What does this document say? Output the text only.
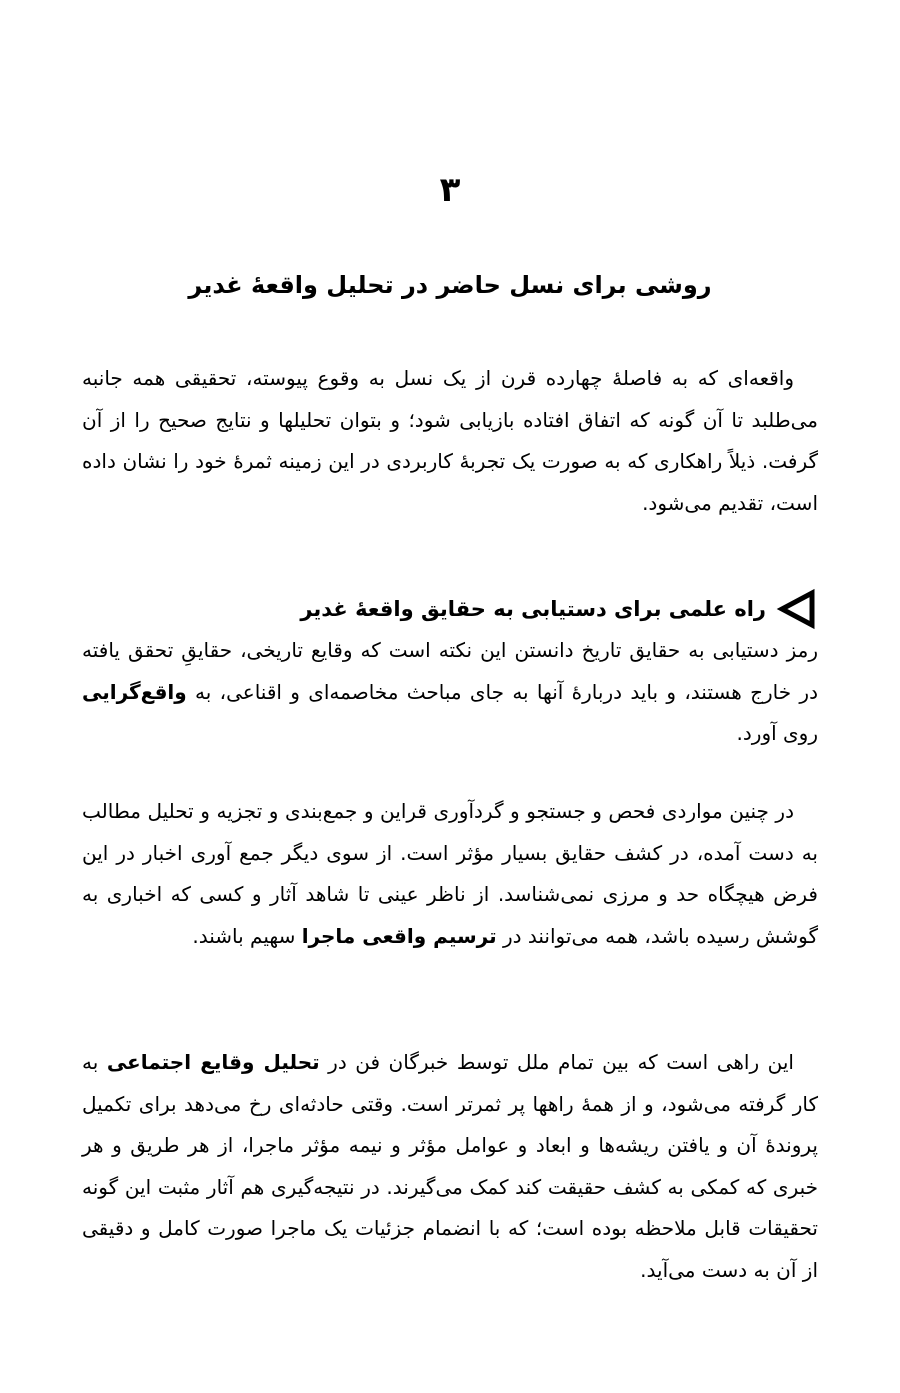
۳
روشی برای نسل حاضر در تحلیل واقعهٔ غدیر

واقعه‌ای که به فاصلهٔ چهارده قرن از یک نسل به وقوع پیوسته، تحقیقی همه جانبه می‌طلبد تا آن گونه که اتفاق افتاده بازیابی شود؛ و بتوان تحلیلها و نتایج صحیح را از آن گرفت. ذیلاً راهکاری که به صورت یک تجربهٔ کاربردی در این زمینه ثمرهٔ خود را نشان داده است، تقدیم می‌شود.

راه علمی برای دستیابی به حقایق واقعهٔ غدیر

رمز دستیابی به حقایق تاریخ دانستن این نکته است که وقایع تاریخی، حقایقِ تحقق یافته در خارج هستند، و باید دربارهٔ آنها به جای مباحث مخاصمه‌ای و اقناعی، به واقع‌گرایی روی آورد.

در چنین مواردی فحص و جستجو و گردآوری قراین و جمع‌بندی و تجزیه و تحلیل مطالب به دست آمده، در کشف حقایق بسیار مؤثر است. از سوی دیگر جمع آوری اخبار در این فرض هیچگاه حد و مرزی نمی‌شناسد. از ناظر عینی تا شاهد آثار و کسی که اخباری به گوشش رسیده باشد، همه می‌توانند در ترسیم واقعی ماجرا سهیم باشند.

این راهی است که بین تمام ملل توسط خبرگان فن در تحلیل وقایع اجتماعی به کار گرفته می‌شود، و از همهٔ راهها پر ثمرتر است. وقتی حادثه‌ای رخ می‌دهد برای تکمیل پروندهٔ آن و یافتن ریشه‌ها و ابعاد و عوامل مؤثر و نیمه مؤثر ماجرا، از هر طریق و هر خبری که کمکی به کشف حقیقت کند کمک می‌گیرند. در نتیجه‌گیری هم آثار مثبت این گونه تحقیقات قابل ملاحظه بوده است؛ که با انضمام جزئیات یک ماجرا صورت کامل و دقیقی از آن به دست می‌آید.
